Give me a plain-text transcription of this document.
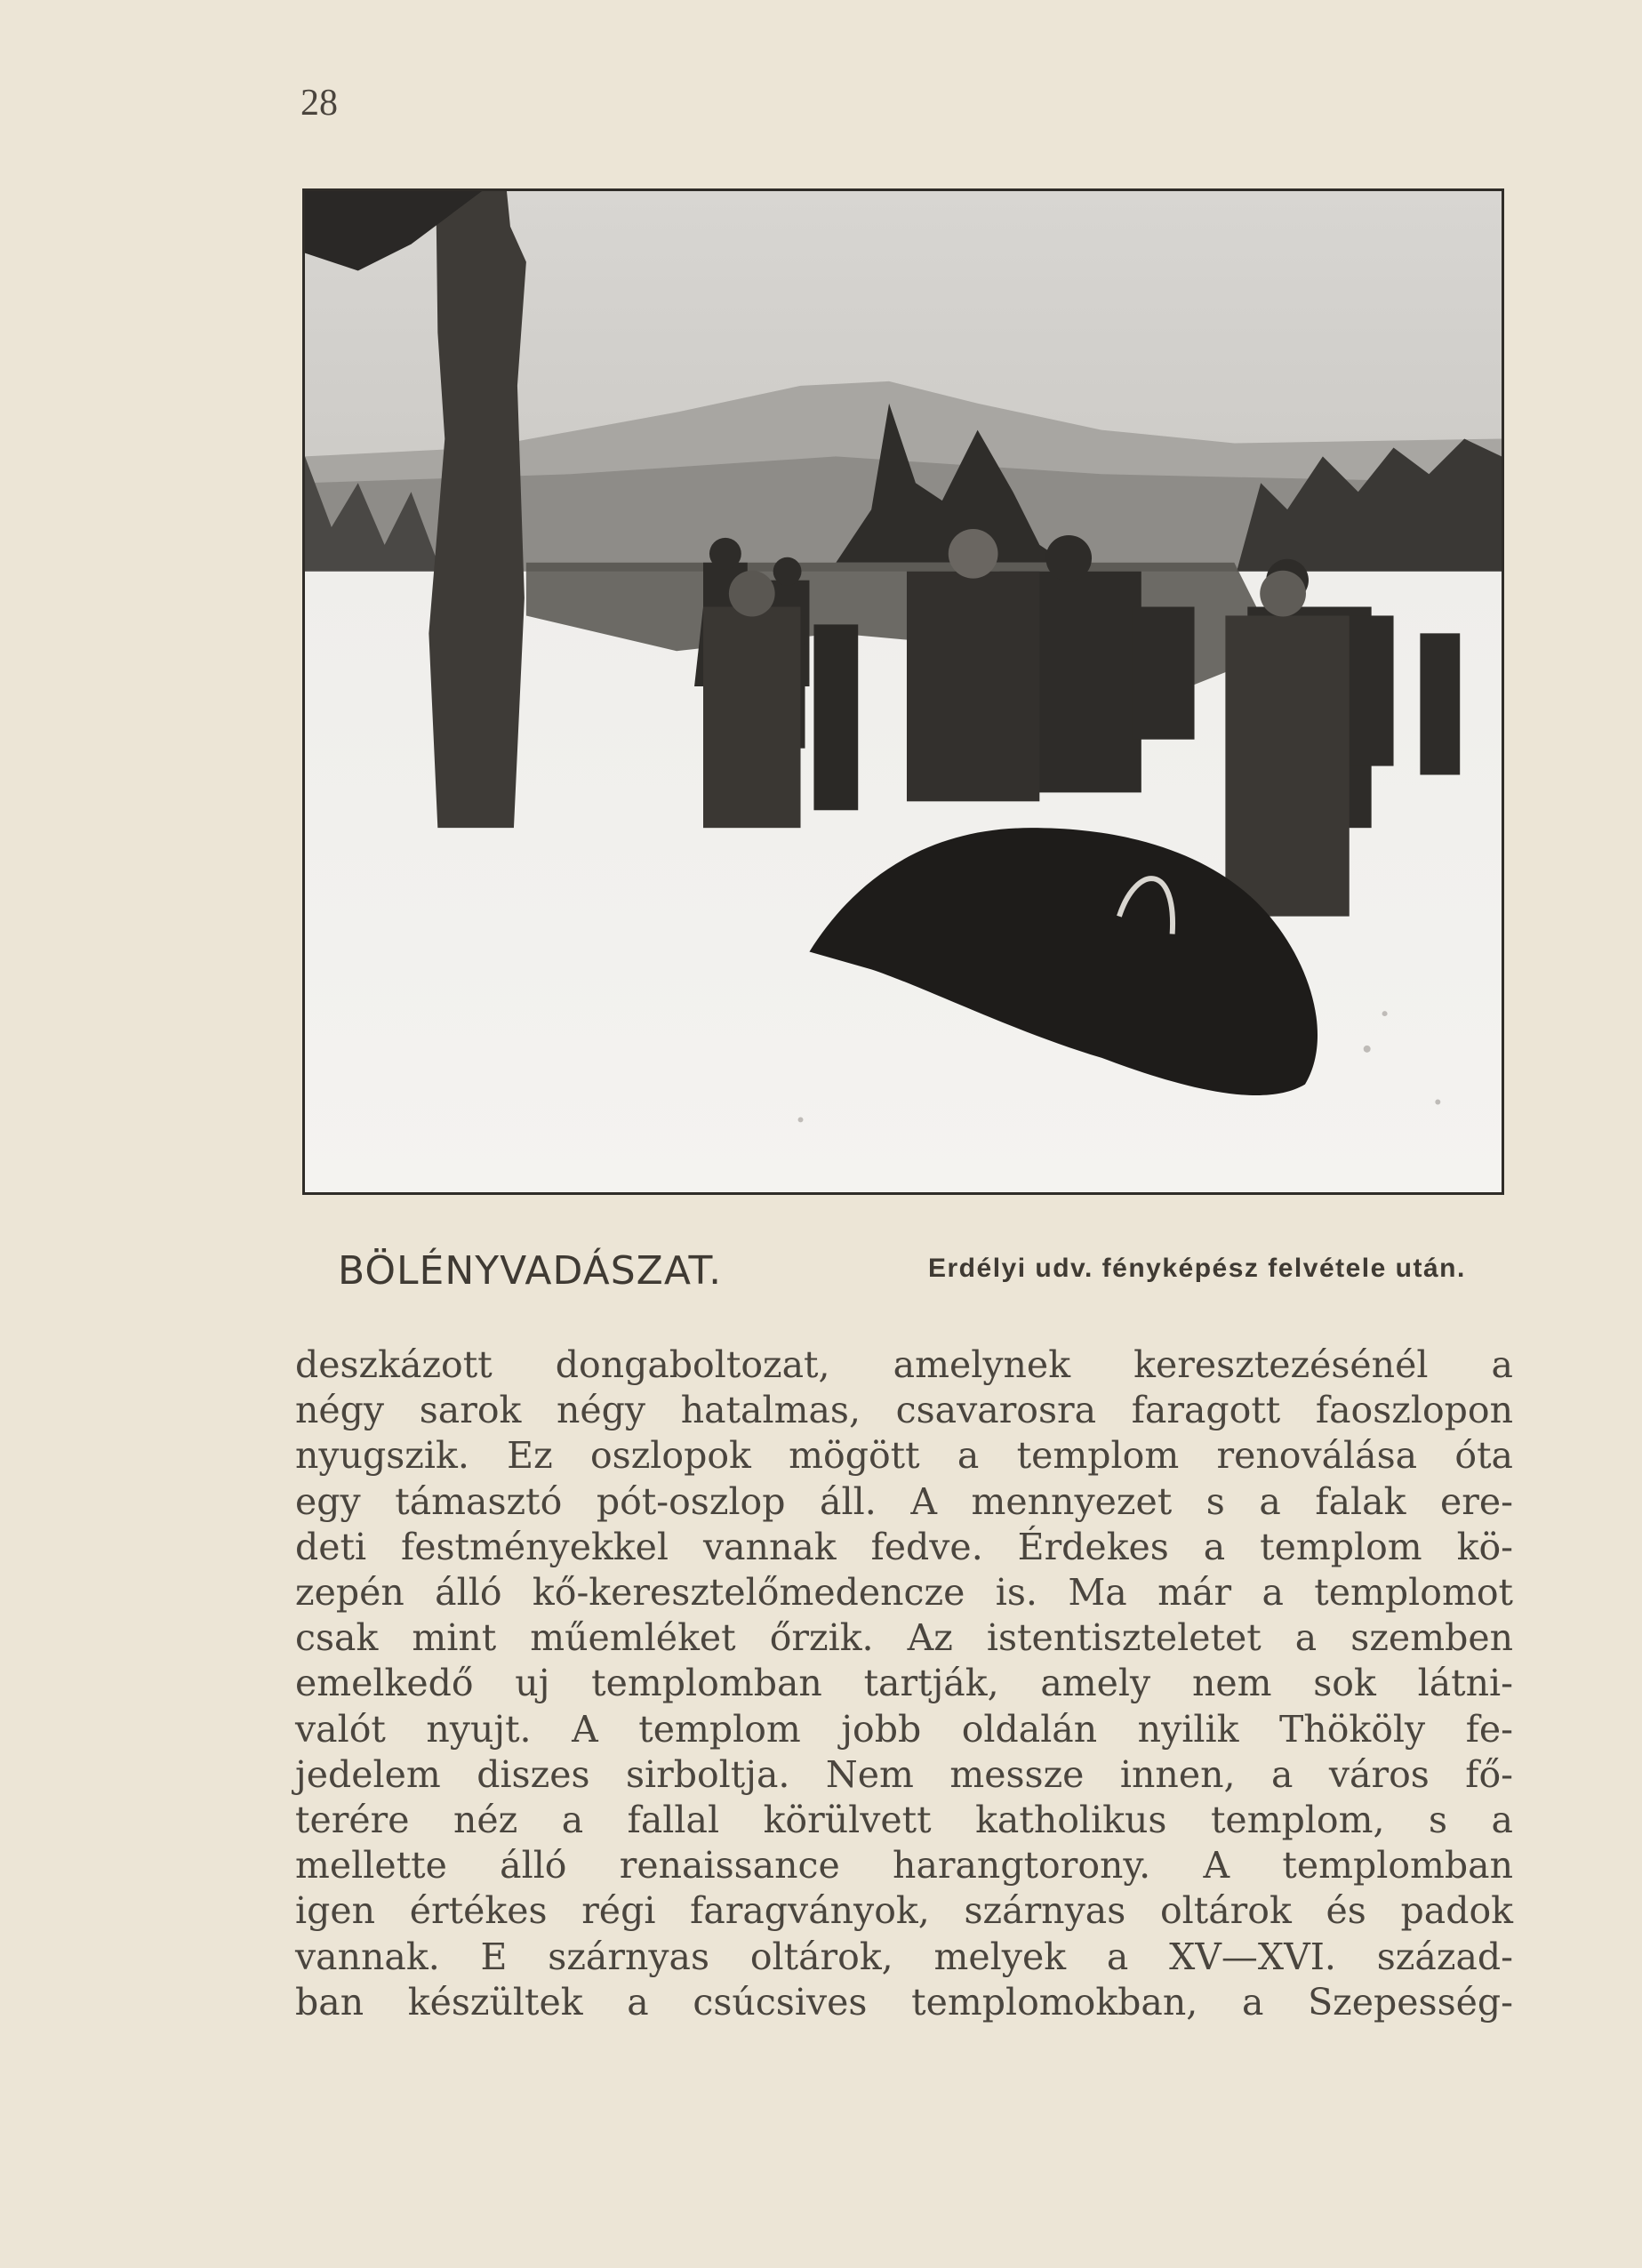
28
BÖLÉNYVADÁSZAT.	Erdélyi udv. fényképész felvétele után.
deszkázott dongaboltozat, amelynek keresztezésénél a
négy sarok négy hatalmas, csavarosra faragott faoszlopon
nyugszik. Ez oszlopok mögött a templom renoválása óta
egy támasztó pót-oszlop áll. A mennyezet s a falak ere-
deti festményekkel vannak fedve. Érdekes a templom kö-
zepén álló kő-keresztelőmedencze is. Ma már a templomot
csak mint műemléket őrzik. Az istentiszteletet a szemben
emelkedő uj templomban tartják, amely nem sok látni-
valót nyujt. A templom jobb oldalán nyilik Thököly fe-
jedelem diszes sirboltja. Nem messze innen, a város fő-
terére néz a fallal körülvett katholikus templom, s a
mellette álló renaissance harangtorony. A templomban
igen értékes régi faragványok, szárnyas oltárok és padok
vannak. E szárnyas oltárok, melyek a XV—XVI. század-
ban készültek a csúcsives templomokban, a Szepesség-
